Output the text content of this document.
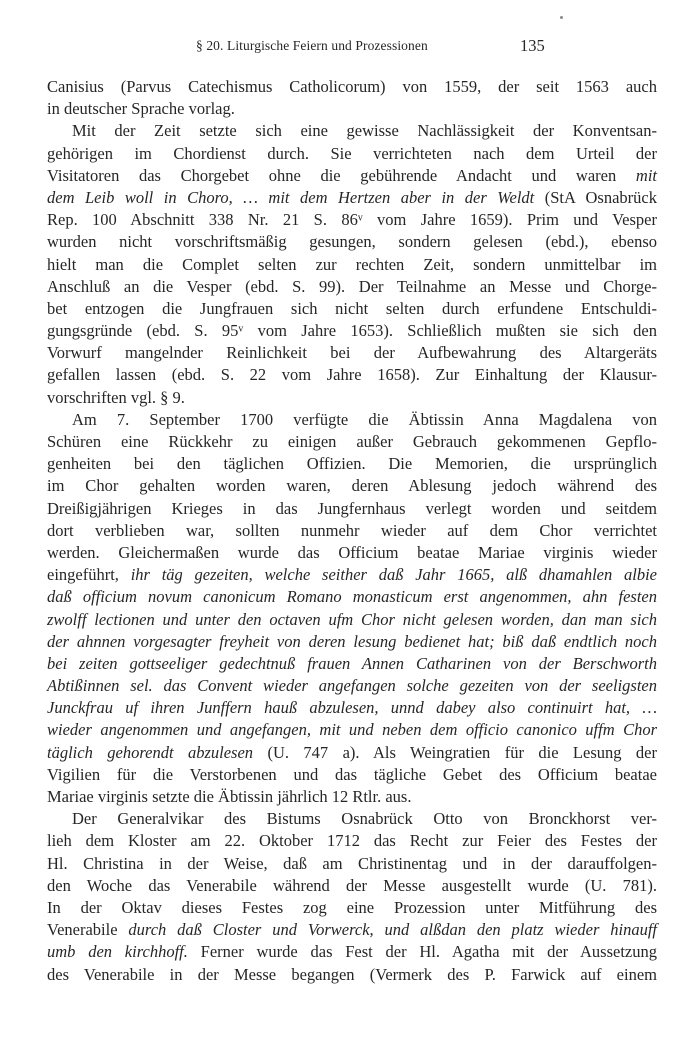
§ 20. Liturgische Feiern und Prozessionen	135
Canisius (Parvus Catechismus Catholicorum) von 1559, der seit 1563 auch
in deutscher Sprache vorlag.
Mit der Zeit setzte sich eine gewisse Nachlässigkeit der Konventsan-
gehörigen im Chordienst durch. Sie verrichteten nach dem Urteil der
Visitatoren das Chorgebet ohne die gebührende Andacht und waren mit
dem Leib woll in Choro, … mit dem Hertzen aber in der Weldt (StA Osnabrück
Rep. 100 Abschnitt 338 Nr. 21 S. 86ᵛ vom Jahre 1659). Prim und Vesper
wurden nicht vorschriftsmäßig gesungen, sondern gelesen (ebd.), ebenso
hielt man die Complet selten zur rechten Zeit, sondern unmittelbar im
Anschluß an die Vesper (ebd. S. 99). Der Teilnahme an Messe und Chorge-
bet entzogen die Jungfrauen sich nicht selten durch erfundene Entschuldi-
gungsgründe (ebd. S. 95ᵛ vom Jahre 1653). Schließlich mußten sie sich den
Vorwurf mangelnder Reinlichkeit bei der Aufbewahrung des Altargeräts
gefallen lassen (ebd. S. 22 vom Jahre 1658). Zur Einhaltung der Klausur-
vorschriften vgl. § 9.
Am 7. September 1700 verfügte die Äbtissin Anna Magdalena von
Schüren eine Rückkehr zu einigen außer Gebrauch gekommenen Gepflo-
genheiten bei den täglichen Offizien. Die Memorien, die ursprünglich
im Chor gehalten worden waren, deren Ablesung jedoch während des
Dreißigjährigen Krieges in das Jungfernhaus verlegt worden und seitdem
dort verblieben war, sollten nunmehr wieder auf dem Chor verrichtet
werden. Gleichermaßen wurde das Officium beatae Mariae virginis wieder
eingeführt, ihr täg gezeiten, welche seither daß Jahr 1665, alß dhamahlen albie
daß officium novum canonicum Romano monasticum erst angenommen, ahn festen
zwolff lectionen und unter den octaven ufm Chor nicht gelesen worden, dan man sich
der ahnnen vorgesagter freyheit von deren lesung bedienet hat; biß daß endtlich noch
bei zeiten gottseeliger gedechtnuß frauen Annen Catharinen von der Berschworth
Abtißinnen sel. das Convent wieder angefangen solche gezeiten von der seeligsten
Junckfrau uf ihren Junffern hauß abzulesen, unnd dabey also continuirt hat, …
wieder angenommen und angefangen, mit und neben dem officio canonico uffm Chor
täglich gehorendt abzulesen (U. 747 a). Als Weingratien für die Lesung der
Vigilien für die Verstorbenen und das tägliche Gebet des Officium beatae
Mariae virginis setzte die Äbtissin jährlich 12 Rtlr. aus.
Der Generalvikar des Bistums Osnabrück Otto von Bronckhorst ver-
lieh dem Kloster am 22. Oktober 1712 das Recht zur Feier des Festes der
Hl. Christina in der Weise, daß am Christinentag und in der darauffolgen-
den Woche das Venerabile während der Messe ausgestellt wurde (U. 781).
In der Oktav dieses Festes zog eine Prozession unter Mitführung des
Venerabile durch daß Closter und Vorwerck, und alßdan den platz wieder hinauff
umb den kirchhoff. Ferner wurde das Fest der Hl. Agatha mit der Aussetzung
des Venerabile in der Messe begangen (Vermerk des P. Farwick auf einem
